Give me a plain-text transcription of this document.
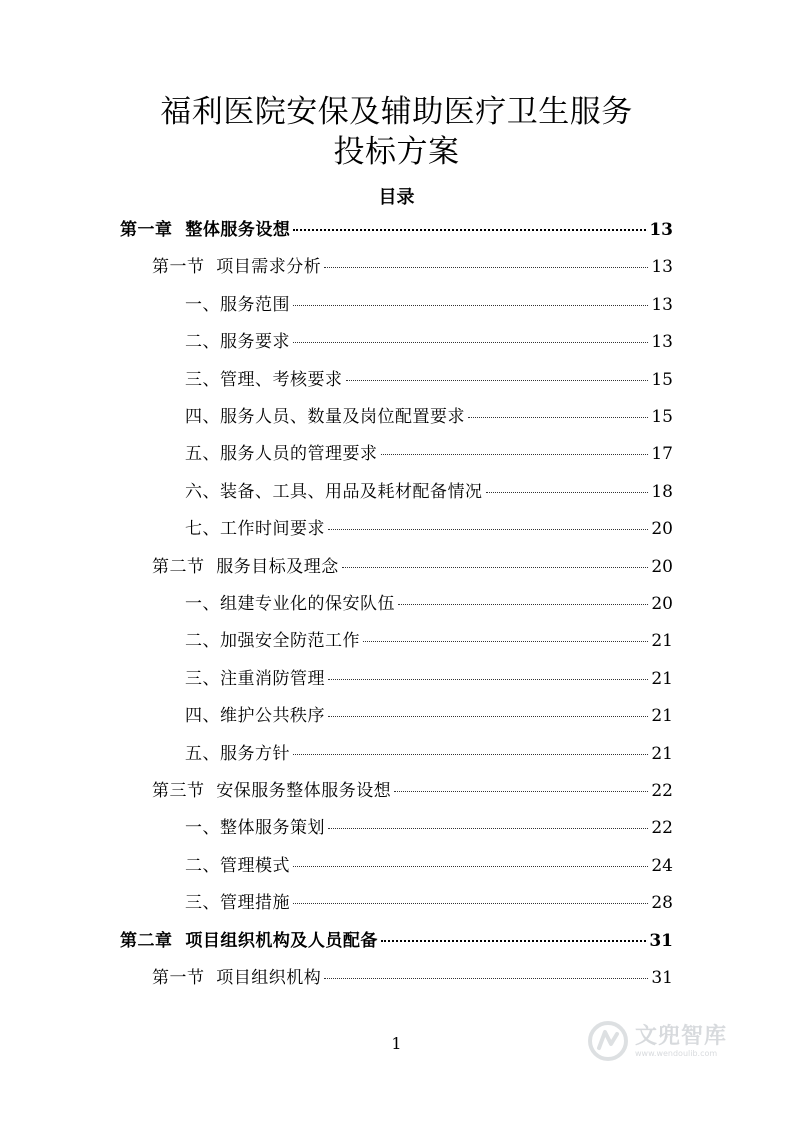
福利医院安保及辅助医疗卫生服务
投标方案
目录
第一章  整体服务设想	13
第一节  项目需求分析	13
一、服务范围	13
二、服务要求	13
三、管理、考核要求	15
四、服务人员、数量及岗位配置要求	15
五、服务人员的管理要求	17
六、装备、工具、用品及耗材配备情况	18
七、工作时间要求	20
第二节  服务目标及理念	20
一、组建专业化的保安队伍	20
二、加强安全防范工作	21
三、注重消防管理	21
四、维护公共秩序	21
五、服务方针	21
第三节  安保服务整体服务设想	22
一、整体服务策划	22
二、管理模式	24
三、管理措施	28
第二章  项目组织机构及人员配备	31
第一节  项目组织机构	31
1	文兜智库
www.wendoulib.com
